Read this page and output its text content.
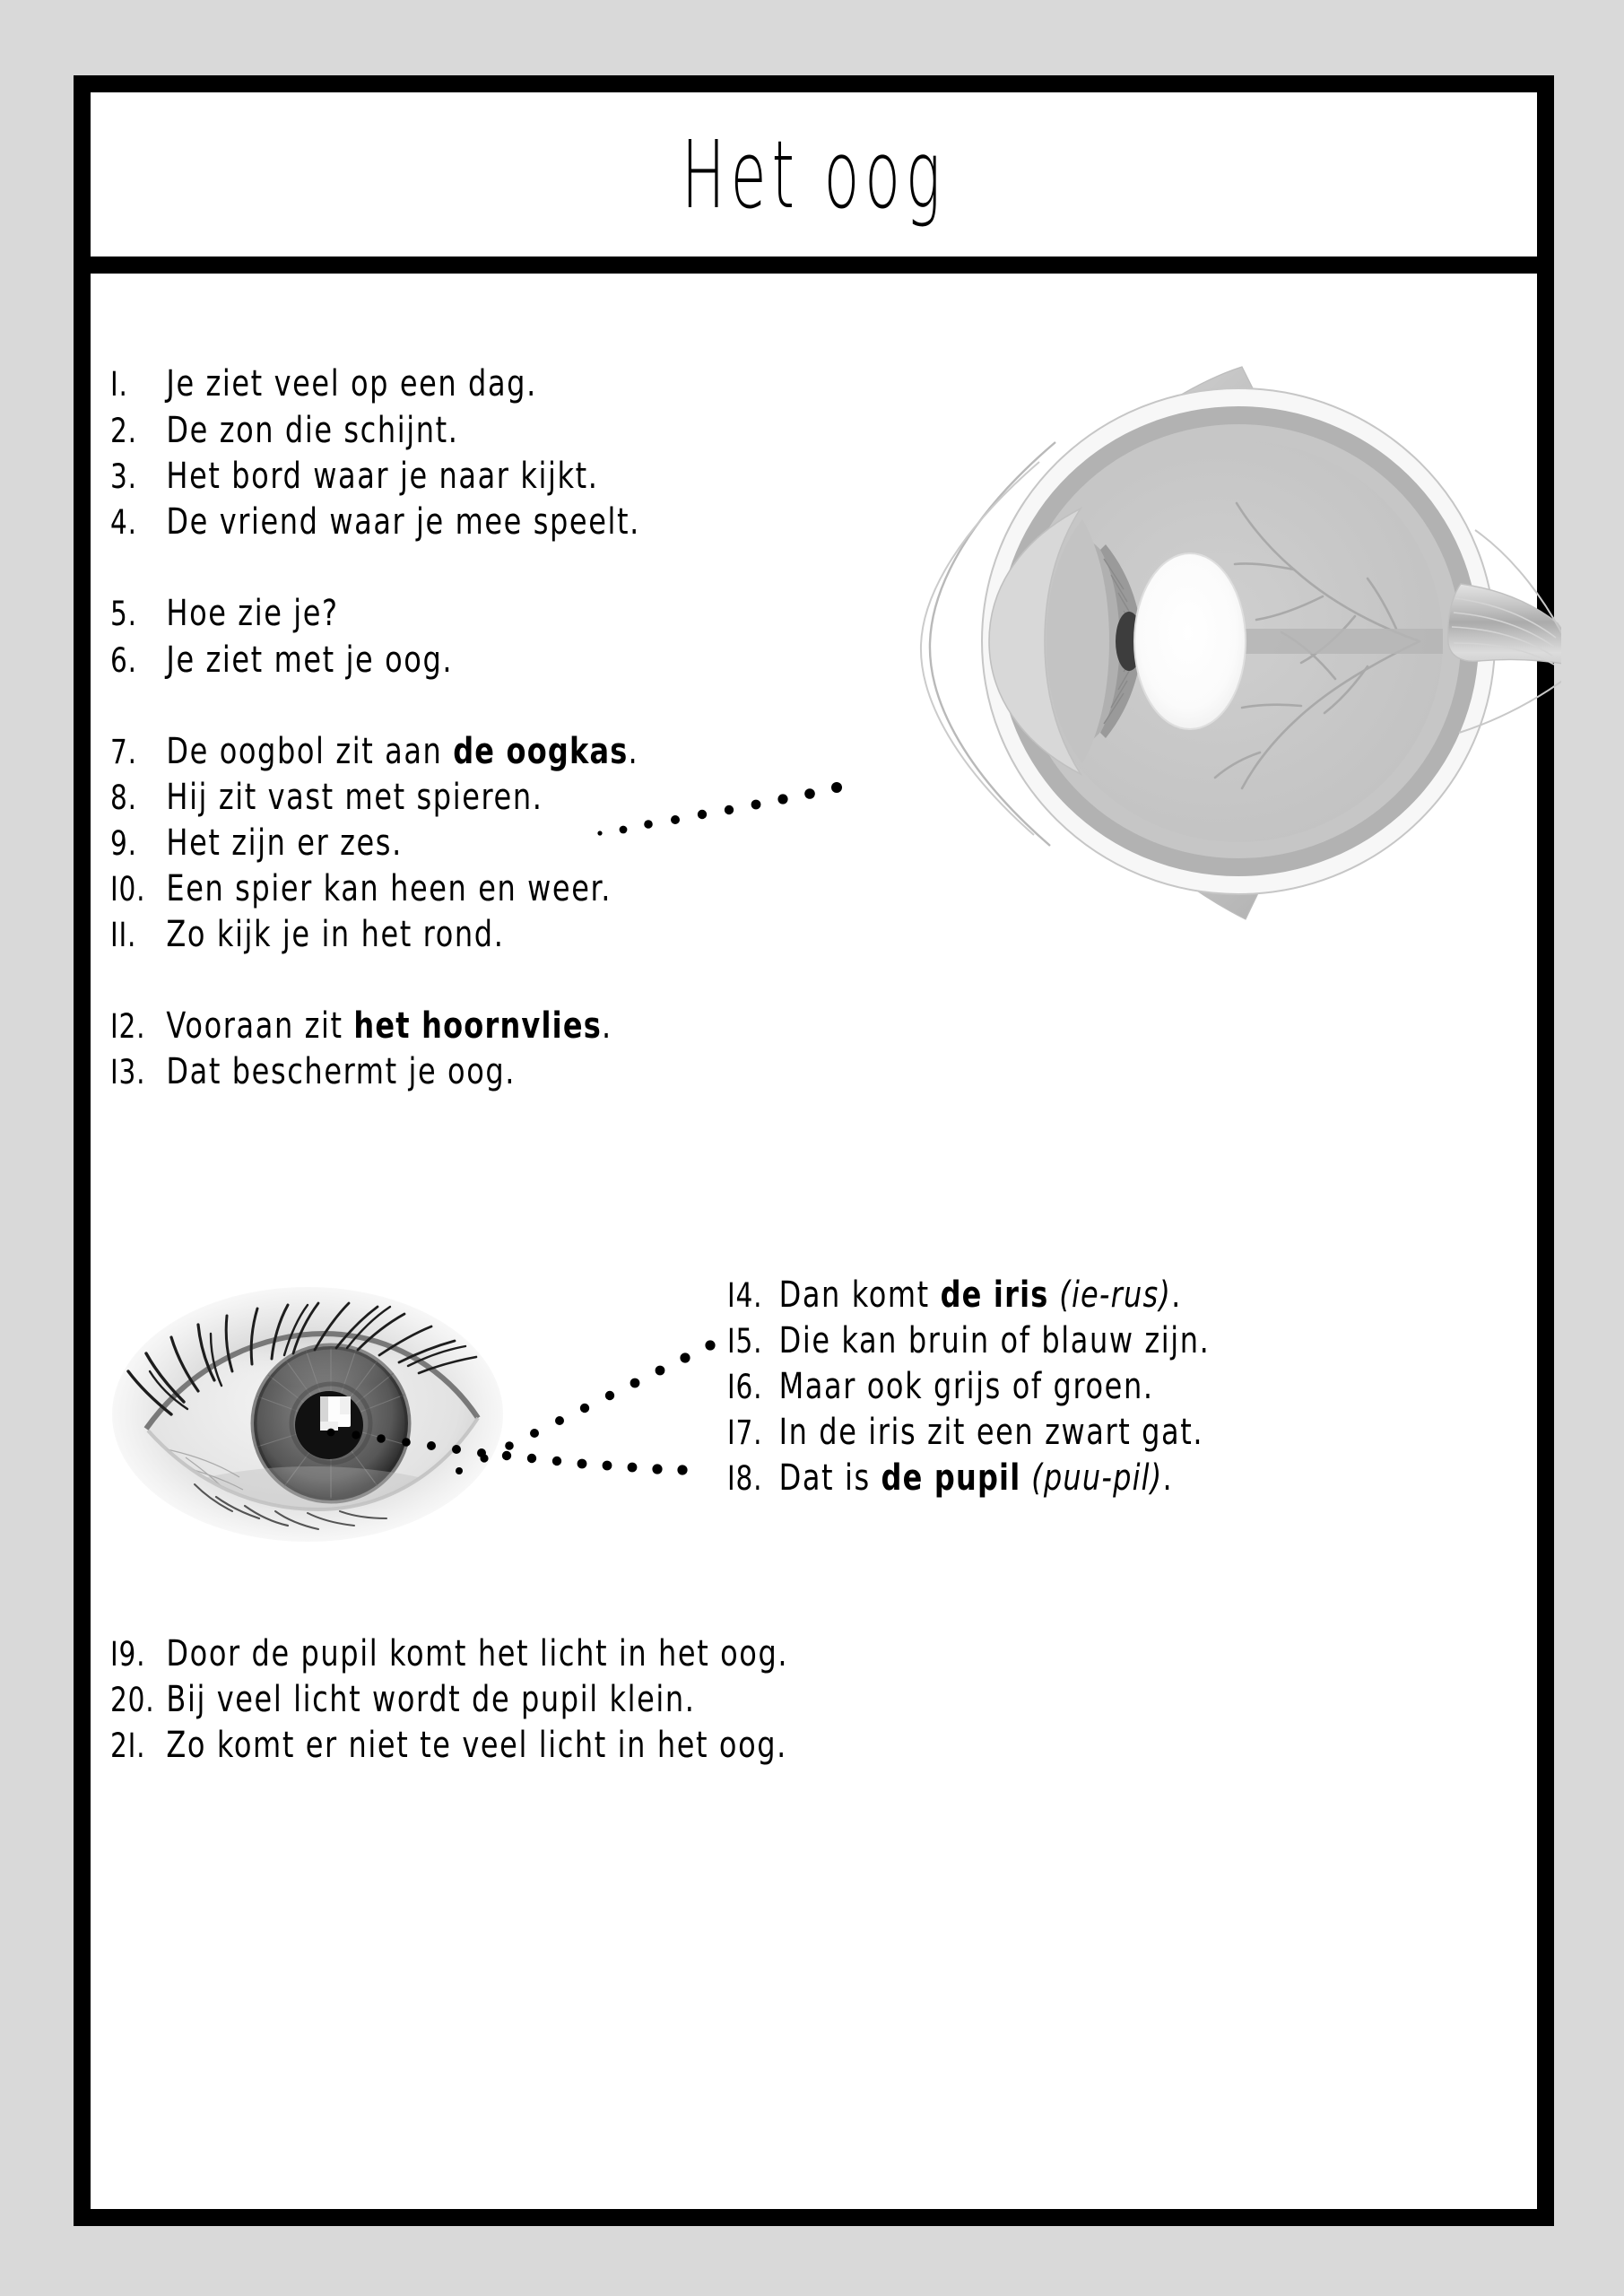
Het oog
I.	Je ziet veel op een dag.
2. De zon die schijnt.
3. Het bord waar je naar kijkt.
4. De vriend waar je mee speelt.
5. Hoe zie je?
6. Je ziet met je oog.
7. De oogbol zit aan de oogkas.
8. Hij zit vast met spieren.
9. Het zijn er zes.
I0. Een spier kan heen en weer.
II. Zo kijk je in het rond.
I2. Vooraan zit het hoornvlies.
I3. Dat beschermt je oog.
I4. Dan komt de iris (ie-rus).
I5. Die kan bruin of blauw zijn.
I6. Maar ook grijs of groen.
I7. In de iris zit een zwart gat.
I8. Dat is de pupil (puu-pil).
I9. Door de pupil komt het licht in het oog.
20. Bij veel licht wordt de pupil klein.
2I. Zo komt er niet te veel licht in het oog.
